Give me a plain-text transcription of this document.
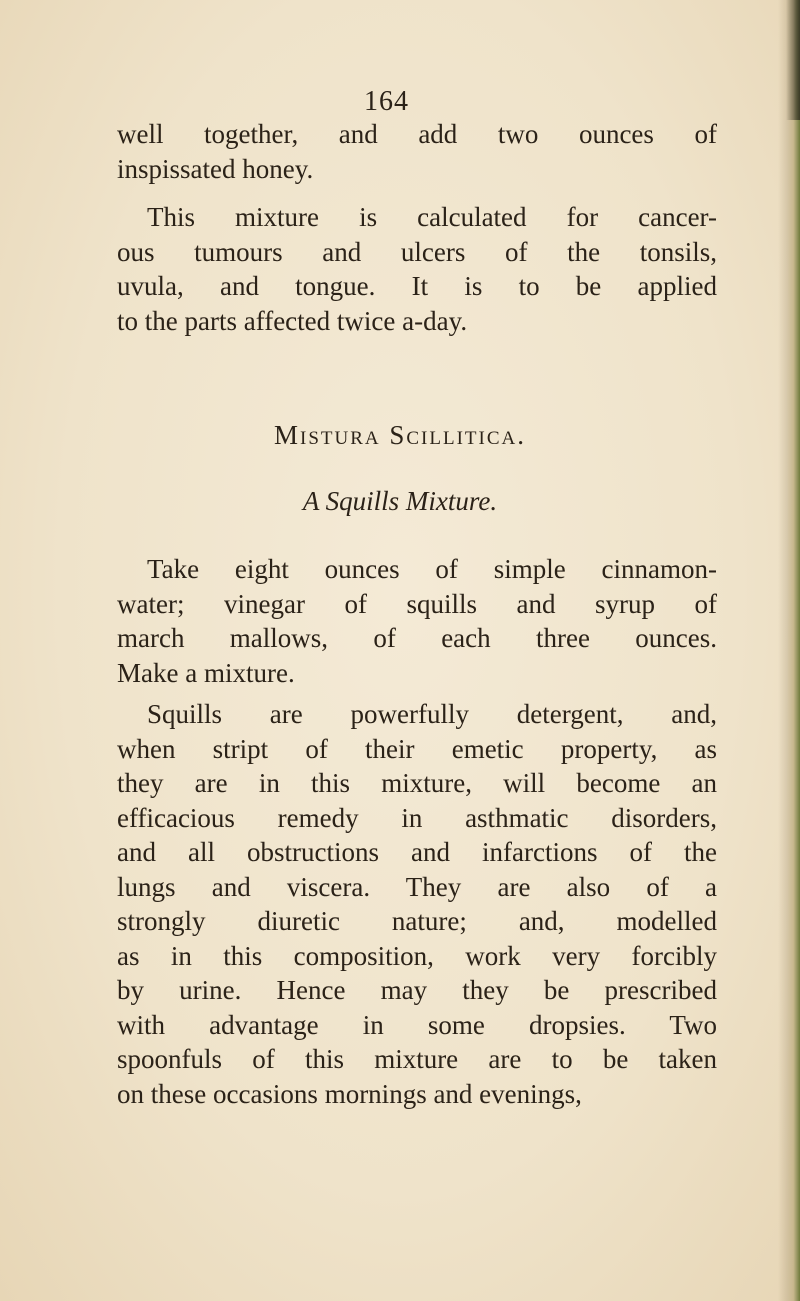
164
well together, and add two ounces of
inspissated honey.
This mixture is calculated for cancer-
ous tumours and ulcers of the tonsils,
uvula, and tongue. It is to be applied
to the parts affected twice a-day.
Mistura Scillitica.
A Squills Mixture.
Take eight ounces of simple cinnamon-
water; vinegar of squills and syrup of
march mallows, of each three ounces.
Make a mixture.
Squills are powerfully detergent, and,
when stript of their emetic property, as
they are in this mixture, will become an
efficacious remedy in asthmatic disorders,
and all obstructions and infarctions of the
lungs and viscera. They are also of a
strongly diuretic nature; and, modelled
as in this composition, work very forcibly
by urine. Hence may they be prescribed
with advantage in some dropsies. Two
spoonfuls of this mixture are to be taken
on these occasions mornings and evenings,
